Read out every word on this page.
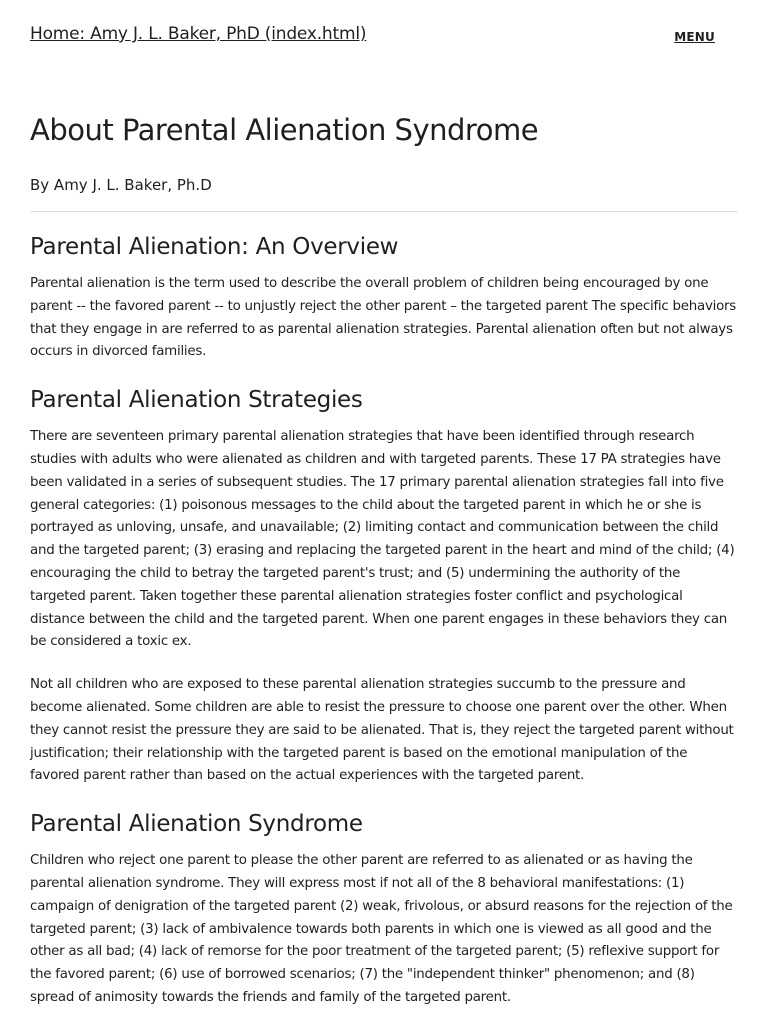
Home: Amy J. L. Baker, PhD (index.html)	MENU
About Parental Alienation Syndrome
By Amy J. L. Baker, Ph.D
Parental Alienation: An Overview

Parental alienation is the term used to describe the overall problem of children being encouraged by one parent -- the favored parent -- to unjustly reject the other parent – the targeted parent The specific behaviors that they engage in are referred to as parental alienation strategies. Parental alienation often but not always occurs in divorced families.

Parental Alienation Strategies

There are seventeen primary parental alienation strategies that have been identified through research studies with adults who were alienated as children and with targeted parents. These 17 PA strategies have been validated in a series of subsequent studies. The 17 primary parental alienation strategies fall into five general categories: (1) poisonous messages to the child about the targeted parent in which he or she is portrayed as unloving, unsafe, and unavailable; (2) limiting contact and communication between the child and the targeted parent; (3) erasing and replacing the targeted parent in the heart and mind of the child; (4) encouraging the child to betray the targeted parent's trust; and (5) undermining the authority of the targeted parent. Taken together these parental alienation strategies foster conflict and psychological distance between the child and the targeted parent. When one parent engages in these behaviors they can be considered a toxic ex.

Not all children who are exposed to these parental alienation strategies succumb to the pressure and become alienated. Some children are able to resist the pressure to choose one parent over the other. When they cannot resist the pressure they are said to be alienated. That is, they reject the targeted parent without justification; their relationship with the targeted parent is based on the emotional manipulation of the favored parent rather than based on the actual experiences with the targeted parent.

Parental Alienation Syndrome

Children who reject one parent to please the other parent are referred to as alienated or as having the parental alienation syndrome. They will express most if not all of the 8 behavioral manifestations: (1) campaign of denigration of the targeted parent (2) weak, frivolous, or absurd reasons for the rejection of the targeted parent; (3) lack of ambivalence towards both parents in which one is viewed as all good and the other as all bad; (4) lack of remorse for the poor treatment of the targeted parent; (5) reflexive support for the favored parent; (6) use of borrowed scenarios; (7) the "independent thinker" phenomenon; and (8) spread of animosity towards the friends and family of the targeted parent.
